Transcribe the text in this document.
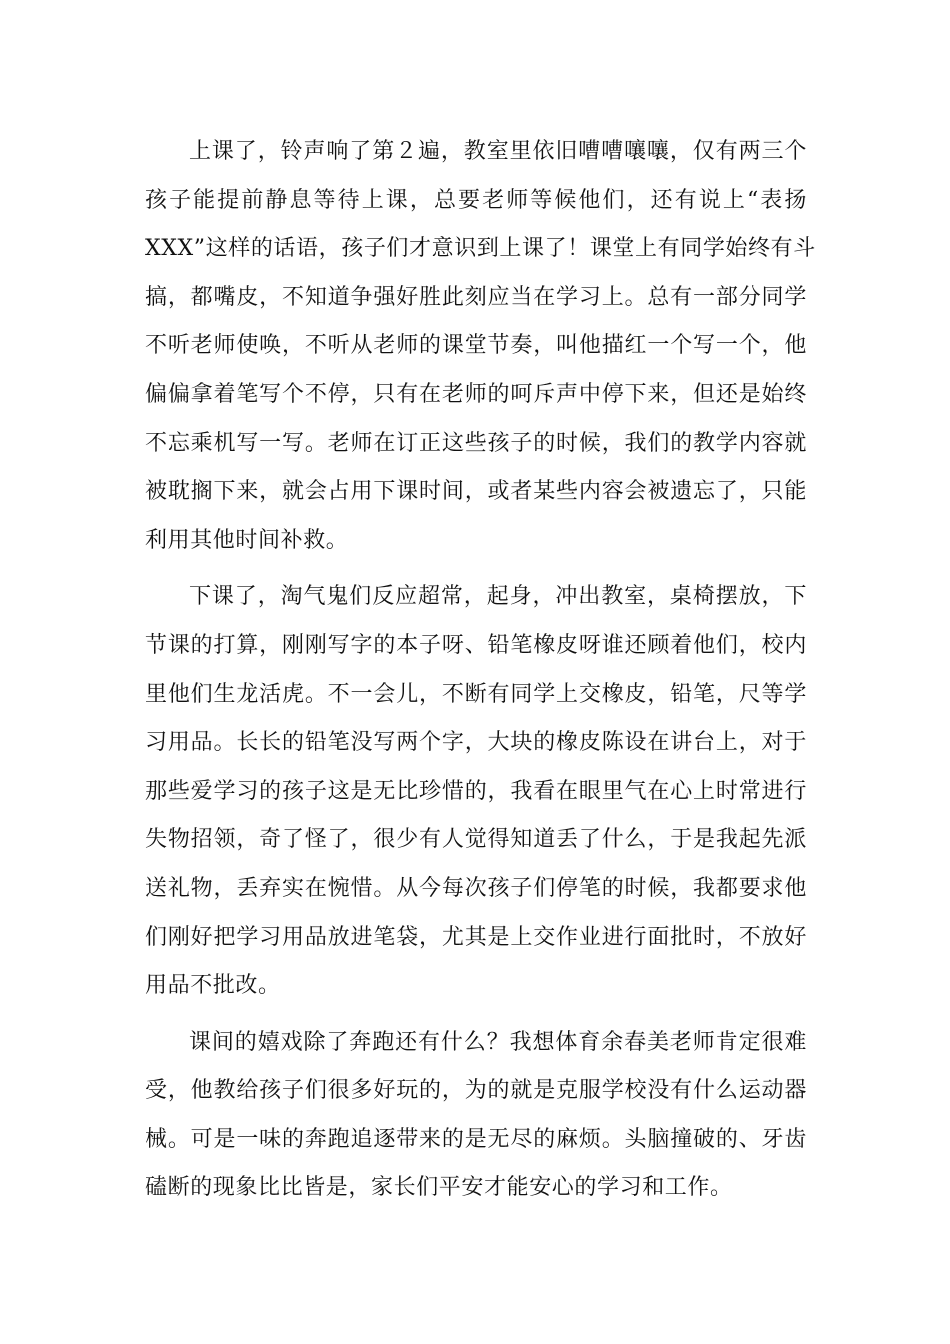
上课了，铃声响了第２遍，教室里依旧嘈嘈嚷嚷，仅有两三个
孩子能提前静息等待上课，总要老师等候他们，还有说上“表扬
XXX”这样的话语，孩子们才意识到上课了！课堂上有同学始终有斗
搞，都嘴皮，不知道争强好胜此刻应当在学习上。总有一部分同学
不听老师使唤，不听从老师的课堂节奏，叫他描红一个写一个，他
偏偏拿着笔写个不停，只有在老师的呵斥声中停下来，但还是始终
不忘乘机写一写。老师在订正这些孩子的时候，我们的教学内容就
被耽搁下来，就会占用下课时间，或者某些内容会被遗忘了，只能
利用其他时间补救。

下课了，淘气鬼们反应超常，起身，冲出教室，桌椅摆放，下
节课的打算，刚刚写字的本子呀、铅笔橡皮呀谁还顾着他们，校内
里他们生龙活虎。不一会儿，不断有同学上交橡皮，铅笔，尺等学
习用品。长长的铅笔没写两个字，大块的橡皮陈设在讲台上，对于
那些爱学习的孩子这是无比珍惜的，我看在眼里气在心上时常进行
失物招领，奇了怪了，很少有人觉得知道丢了什么，于是我起先派
送礼物，丢弃实在惋惜。从今每次孩子们停笔的时候，我都要求他
们刚好把学习用品放进笔袋，尤其是上交作业进行面批时，不放好
用品不批改。

课间的嬉戏除了奔跑还有什么？我想体育余春美老师肯定很难
受，他教给孩子们很多好玩的，为的就是克服学校没有什么运动器
械。可是一味的奔跑追逐带来的是无尽的麻烦。头脑撞破的、牙齿
磕断的现象比比皆是，家长们平安才能安心的学习和工作。
